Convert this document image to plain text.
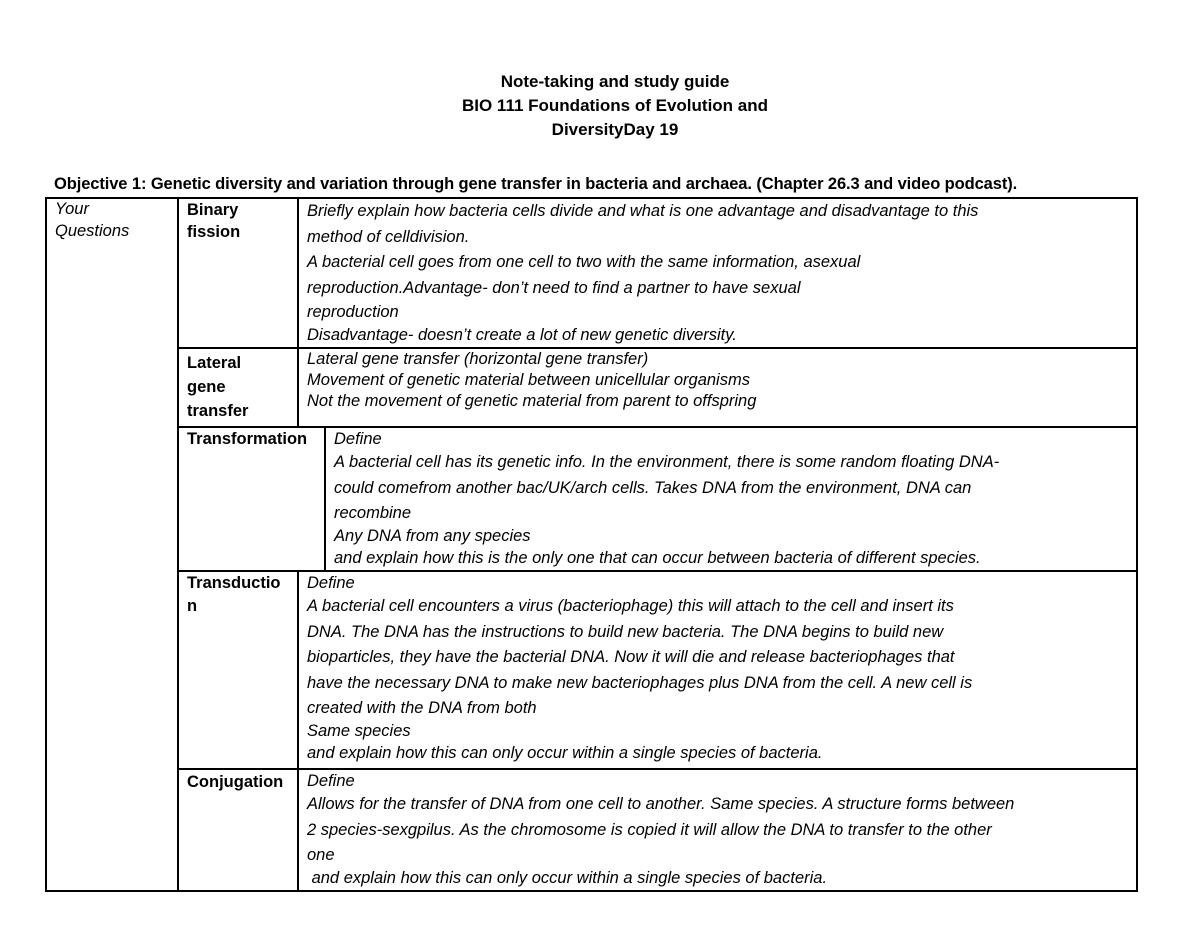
Note-taking and study guide
BIO 111 Foundations of Evolution and
DiversityDay 19
Objective 1: Genetic diversity and variation through gene transfer in bacteria and archaea. (Chapter 26.3 and video podcast).
Your
Questions
Binary
fission
Briefly explain how bacteria cells divide and what is one advantage and disadvantage to this
method of celldivision.
A bacterial cell goes from one cell to two with the same information, asexual
reproduction.Advantage- don’t need to find a partner to have sexual
reproduction
Disadvantage- doesn’t create a lot of new genetic diversity.
Lateral
gene
transfer
Lateral gene transfer (horizontal gene transfer)
Movement of genetic material between unicellular organisms
Not the movement of genetic material from parent to offspring
Transformation Define
A bacterial cell has its genetic info. In the environment, there is some random floating DNA-
could comefrom another bac/UK/arch cells. Takes DNA from the environment, DNA can
recombine
Any DNA from any species
and explain how this is the only one that can occur between bacteria of different species.
Transductio
n
Define
A bacterial cell encounters a virus (bacteriophage) this will attach to the cell and insert its
DNA. The DNA has the instructions to build new bacteria. The DNA begins to build new
bioparticles, they have the bacterial DNA. Now it will die and release bacteriophages that
have the necessary DNA to make new bacteriophages plus DNA from the cell. A new cell is
created with the DNA from both
Same species
and explain how this can only occur within a single species of bacteria.
Conjugation Define
Allows for the transfer of DNA from one cell to another. Same species. A structure forms between
2 species-sexgpilus. As the chromosome is copied it will allow the DNA to transfer to the other
one
and explain how this can only occur within a single species of bacteria.
